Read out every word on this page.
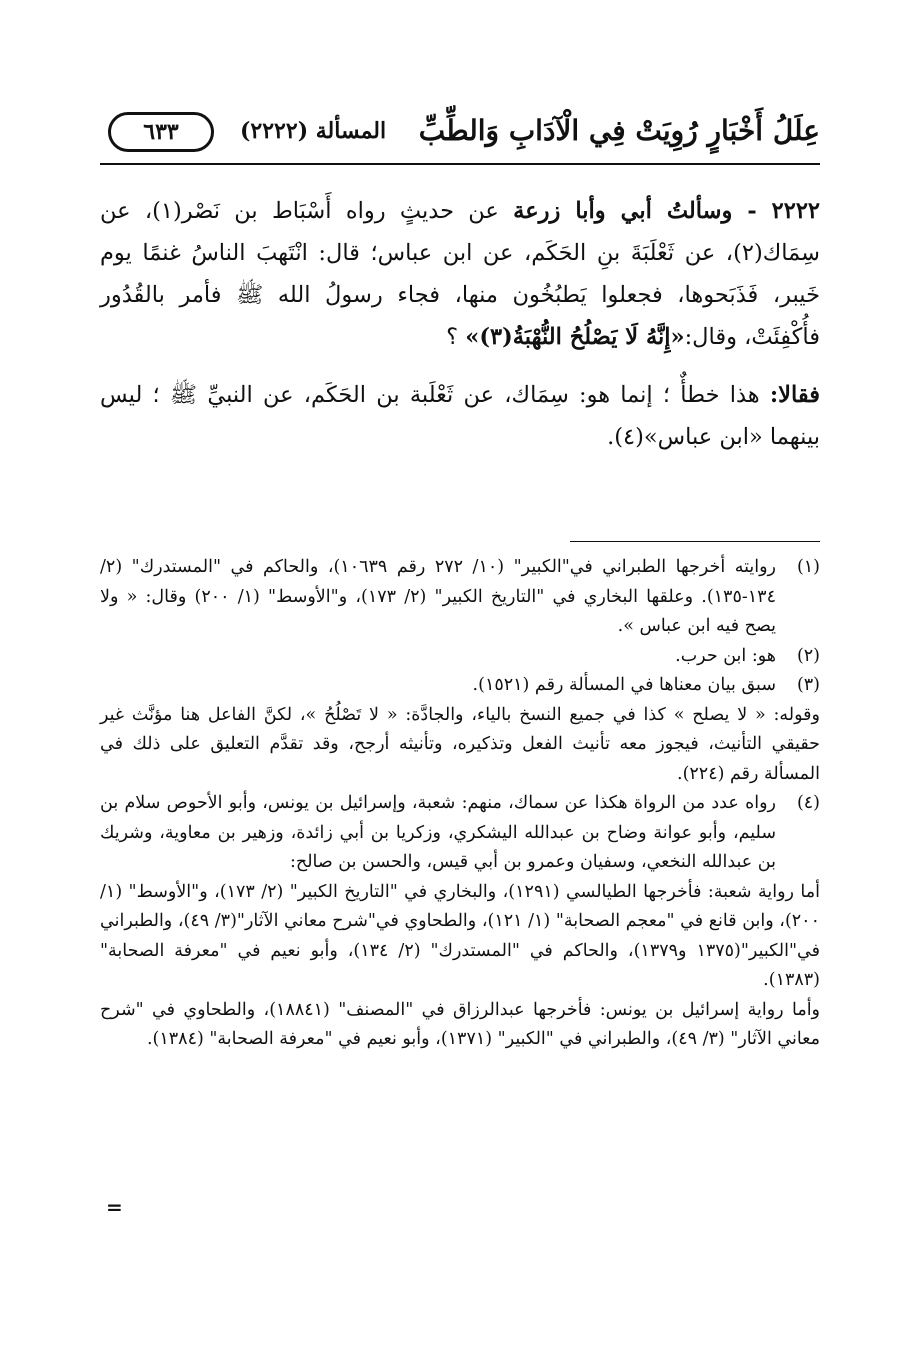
عِلَلُ أَخْبَارٍ رُوِيَتْ فِي الْآدَابِ وَالطِّبِّ
المسألة (٢٢٢٢)
٦٣٣

٢٢٢٢ - وسألتُ أبي وأبا زرعة عن حديثٍ رواه أَسْبَاط بن نَصْر(١)، عن سِمَاك(٢)، عن ثَعْلَبَةَ بنِ الحَكَم، عن ابن عباس؛ قال: انْتَهبَ الناسُ غنمًا يوم خَيبر، فَذَبَحوها، فجعلوا يَطبُخُون منها، فجاء رسولُ الله ﷺ فأمر بالقُدُور فأُكْفِئَتْ، وقال:«إِنَّهُ لَا يَصْلُحُ النُّهْبَةُ(٣)» ؟

فقالا: هذا خطأٌ ؛ إنما هو: سِمَاك، عن ثَعْلَبة بن الحَكَم، عن النبيِّ ﷺ ؛ ليس بينهما «ابن عباس»(٤).

(١)
روايته أخرجها الطبراني في"الكبير" (١٠/ ٢٧٢ رقم ١٠٦٣٩)، والحاكم في "المستدرك" (٢/ ١٣٤-١٣٥). وعلقها البخاري في "التاريخ الكبير" (٢/ ١٧٣)، و"الأوسط" (١/ ٢٠٠) وقال: « ولا يصح فيه ابن عباس ».
(٢)
هو: ابن حرب.
(٣)
سبق بيان معناها في المسألة رقم (١٥٢١).

وقوله: « لا يصلح » كذا في جميع النسخ بالياء، والجادَّة: « لا تَصْلُحُ »، لكنَّ الفاعل هنا مؤنَّث غير حقيقي التأنيث، فيجوز معه تأنيث الفعل وتذكيره، وتأنيثه أرجح، وقد تقدَّم التعليق على ذلك في المسألة رقم (٢٢٤).

(٤)
رواه عدد من الرواة هكذا عن سماك، منهم: شعبة، وإسرائيل بن يونس، وأبو الأحوص سلام بن سليم، وأبو عوانة وضاح بن عبدالله اليشكري، وزكريا بن أبي زائدة، وزهير بن معاوية، وشريك بن عبدالله النخعي، وسفيان وعمرو بن أبي قيس، والحسن بن صالح:

أما رواية شعبة: فأخرجها الطيالسي (١٢٩١)، والبخاري في "التاريخ الكبير" (٢/ ١٧٣)، و"الأوسط" (١/ ٢٠٠)، وابن قانع في "معجم الصحابة" (١/ ١٢١)، والطحاوي في"شرح معاني الآثار"(٣/ ٤٩)، والطبراني في"الكبير"(١٣٧٥ و١٣٧٩)، والحاكم في "المستدرك" (٢/ ١٣٤)، وأبو نعيم في "معرفة الصحابة" (١٣٨٣).

وأما رواية إسرائيل بن يونس: فأخرجها عبدالرزاق في "المصنف" (١٨٨٤١)، والطحاوي في "شرح معاني الآثار" (٣/ ٤٩)، والطبراني في "الكبير" (١٣٧١)، وأبو نعيم في "معرفة الصحابة" (١٣٨٤).

=
